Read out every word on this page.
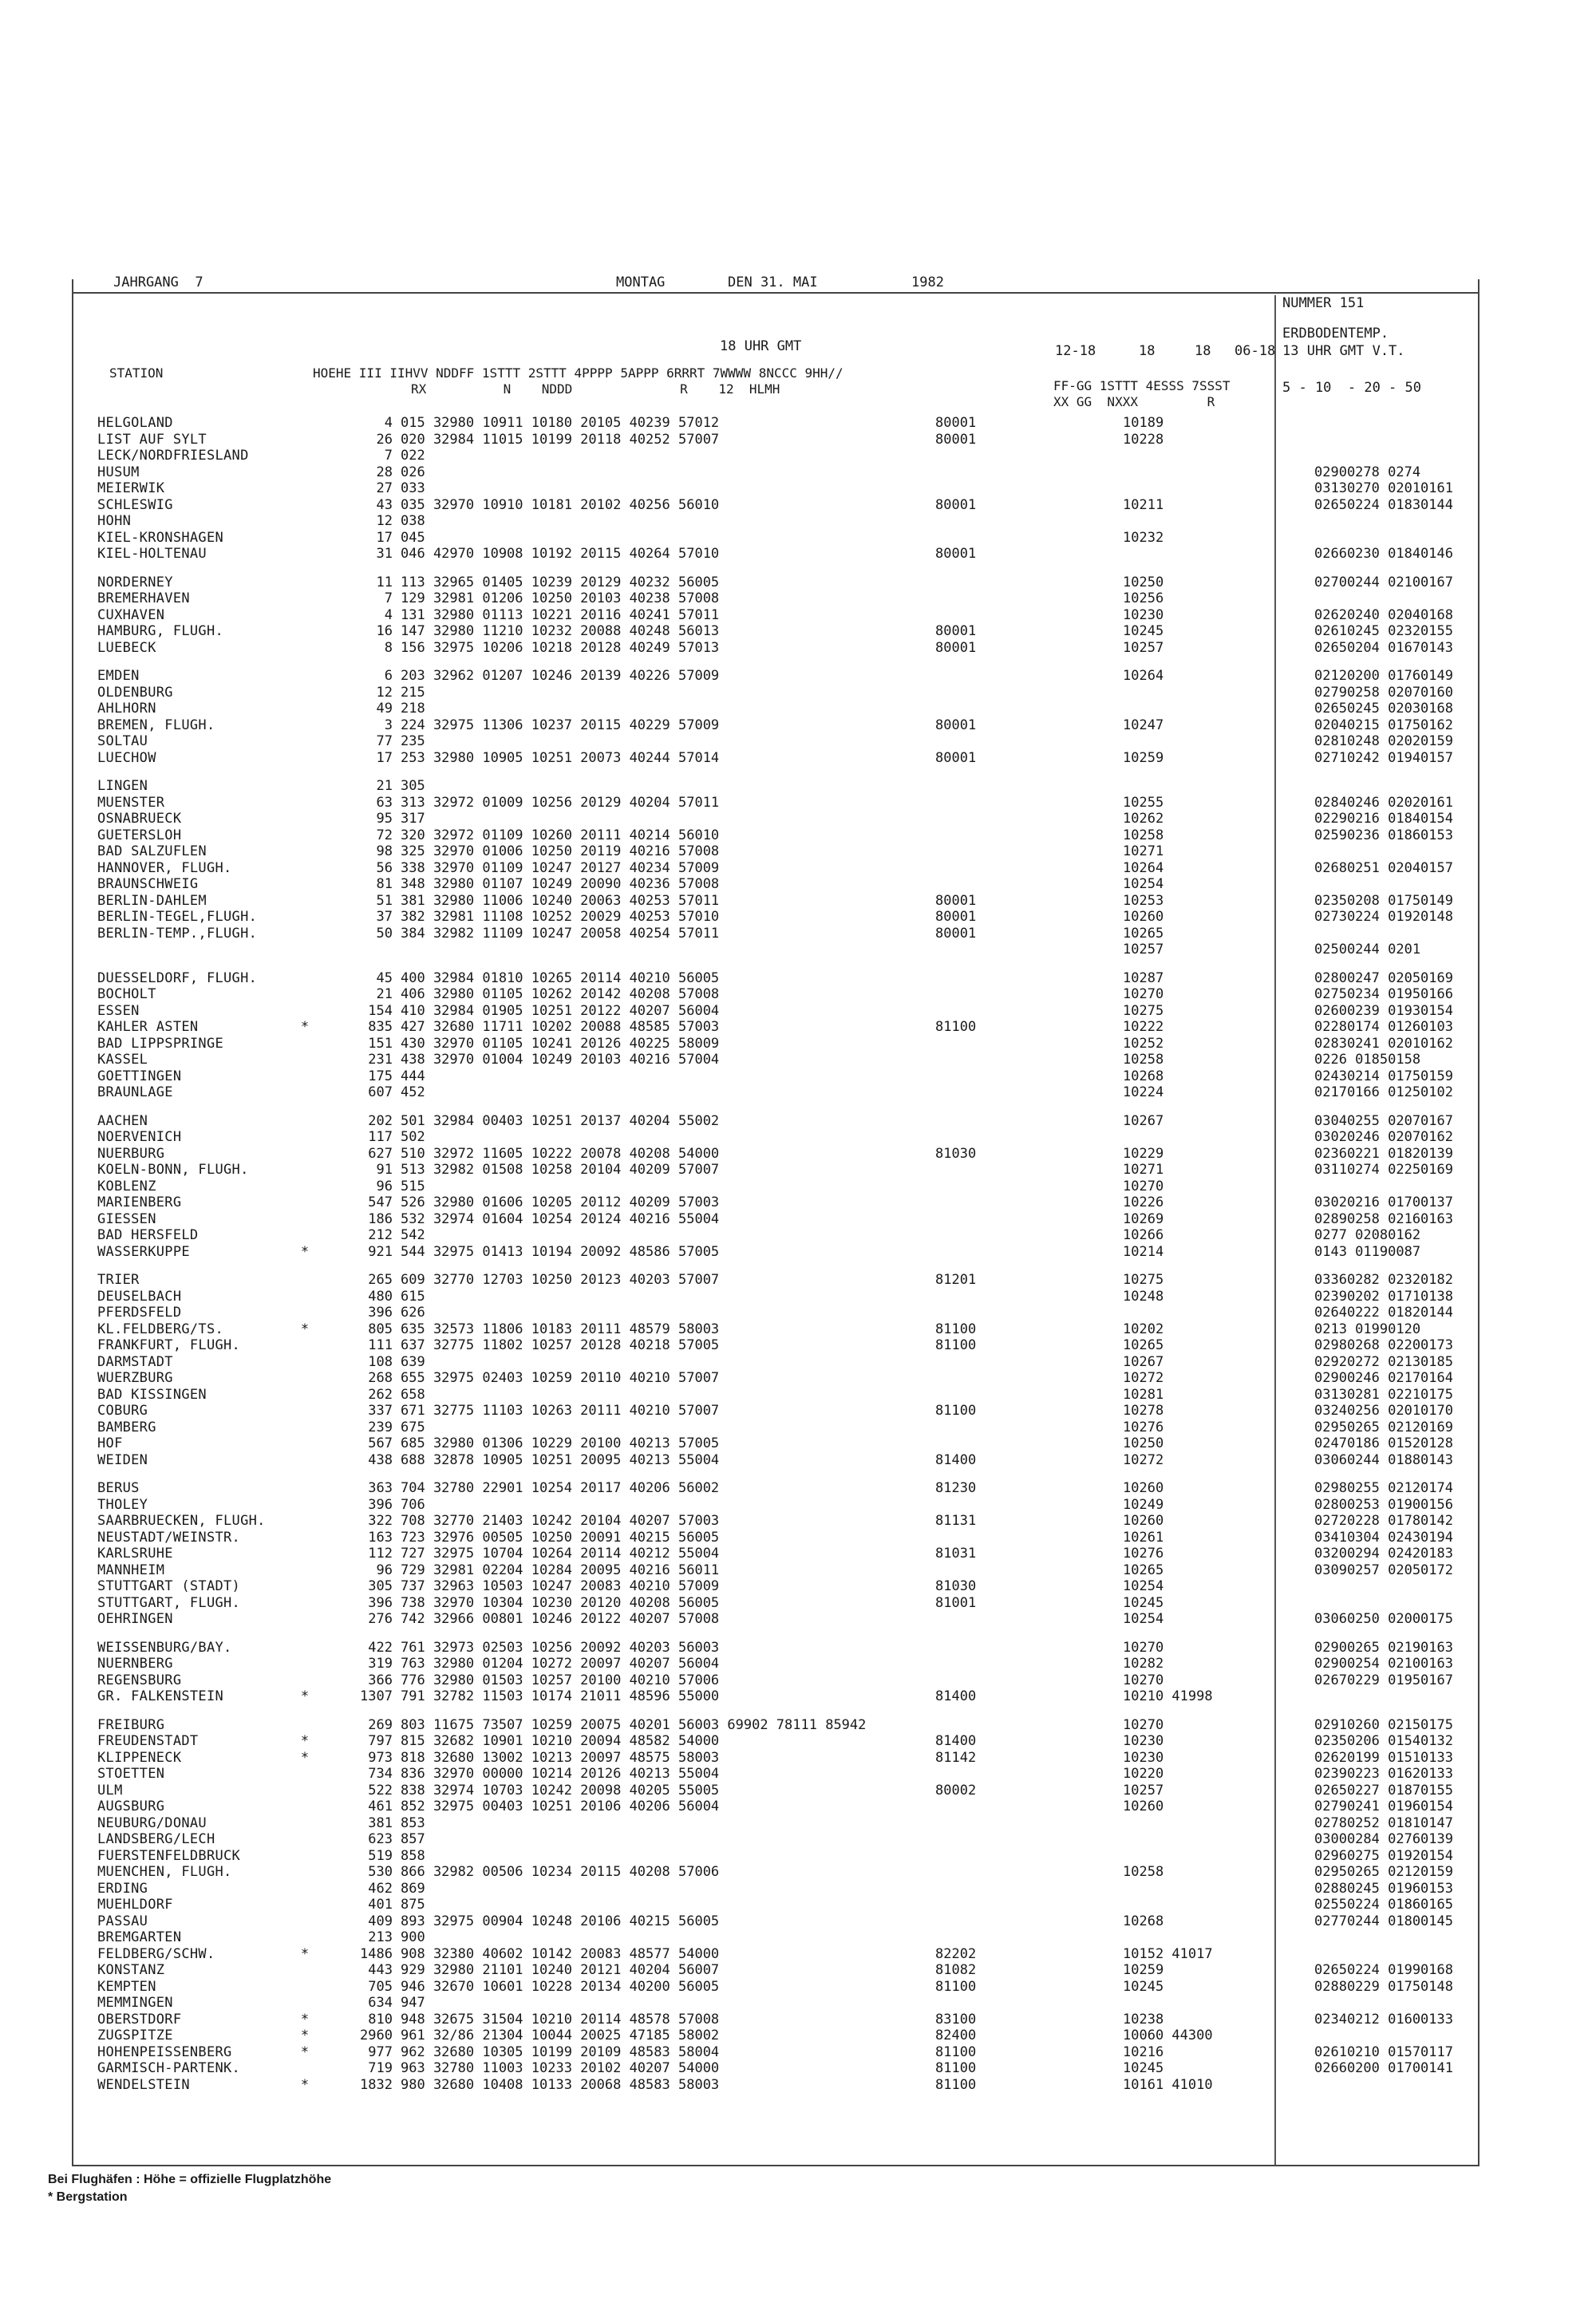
JAHRGANG  7	MONTAG	DEN 31. MAI	1982
NUMMER 151
ERDBODENTEMP.
13 UHR GMT V.T.
5 - 10  - 20 - 50
18 UHR GMT	12-18	18	18 06-18
STATION	HOEHE III IIHVV NDDFF 1STTT 2STTT 4PPPP 5APPP 6RRRT 7WWWW 8NCCC 9HH//
RX          N    NDDD              R    12  HLMH	FF-GG 1STTT 4ESSS 7SSST
XX GG  NXXX         R
HELGOLAND	4 015 32980 10911 10180 20105 40239 57012	80001	10189
LIST AUF SYLT	26 020 32984 11015 10199 20118 40252 57007	80001	10228
LECK/NORDFRIESLAND	7 022
HUSUM	28 026	02900278 0274
MEIERWIK	27 033	03130270 02010161
SCHLESWIG	43 035 32970 10910 10181 20102 40256 56010	80001	10211	02650224 01830144
HOHN	12 038
KIEL-KRONSHAGEN	17 045	10232
KIEL-HOLTENAU	31 046 42970 10908 10192 20115 40264 57010	80001	02660230 01840146
NORDERNEY	11 113 32965 01405 10239 20129 40232 56005	10250	02700244 02100167
BREMERHAVEN	7 129 32981 01206 10250 20103 40238 57008	10256
CUXHAVEN	4 131 32980 01113 10221 20116 40241 57011	10230	02620240 02040168
HAMBURG, FLUGH.	16 147 32980 11210 10232 20088 40248 56013	80001	10245	02610245 02320155
LUEBECK	8 156 32975 10206 10218 20128 40249 57013	80001	10257	02650204 01670143
EMDEN	6 203 32962 01207 10246 20139 40226 57009	10264	02120200 01760149
OLDENBURG	12 215	02790258 02070160
AHLHORN	49 218	02650245 02030168
BREMEN, FLUGH.	3 224 32975 11306 10237 20115 40229 57009	80001	10247	02040215 01750162
SOLTAU	77 235	02810248 02020159
LUECHOW	17 253 32980 10905 10251 20073 40244 57014	80001	10259	02710242 01940157
LINGEN	21 305
MUENSTER	63 313 32972 01009 10256 20129 40204 57011	10255	02840246 02020161
OSNABRUECK	95 317	10262	02290216 01840154
GUETERSLOH	72 320 32972 01109 10260 20111 40214 56010	10258	02590236 01860153
BAD SALZUFLEN	98 325 32970 01006 10250 20119 40216 57008	10271
HANNOVER, FLUGH.	56 338 32970 01109 10247 20127 40234 57009	10264	02680251 02040157
BRAUNSCHWEIG	81 348 32980 01107 10249 20090 40236 57008	10254
BERLIN-DAHLEM	51 381 32980 11006 10240 20063 40253 57011	80001	10253	02350208 01750149
BERLIN-TEGEL,FLUGH.	37 382 32981 11108 10252 20029 40253 57010	80001	10260	02730224 01920148
BERLIN-TEMP.,FLUGH.	50 384 32982 11109 10247 20058 40254 57011	80001	10265
10257	02500244 0201
DUESSELDORF, FLUGH.	45 400 32984 01810 10265 20114 40210 56005	10287	02800247 02050169
BOCHOLT	21 406 32980 01105 10262 20142 40208 57008	10270	02750234 01950166
ESSEN	154 410 32984 01905 10251 20122 40207 56004	10275	02600239 01930154
KAHLER ASTEN	*	835 427 32680 11711 10202 20088 48585 57003	81100	10222	02280174 01260103
BAD LIPPSPRINGE	151 430 32970 01105 10241 20126 40225 58009	10252	02830241 02010162
KASSEL	231 438 32970 01004 10249 20103 40216 57004	10258	0226 01850158
GOETTINGEN	175 444	10268	02430214 01750159
BRAUNLAGE	607 452	10224	02170166 01250102
AACHEN	202 501 32984 00403 10251 20137 40204 55002	10267	03040255 02070167
NOERVENICH	117 502	03020246 02070162
NUERBURG	627 510 32972 11605 10222 20078 40208 54000	81030	10229	02360221 01820139
KOELN-BONN, FLUGH.	91 513 32982 01508 10258 20104 40209 57007	10271	03110274 02250169
KOBLENZ	96 515	10270
MARIENBERG	547 526 32980 01606 10205 20112 40209 57003	10226	03020216 01700137
GIESSEN	186 532 32974 01604 10254 20124 40216 55004	10269	02890258 02160163
BAD HERSFELD	212 542	10266	0277 02080162
WASSERKUPPE	*	921 544 32975 01413 10194 20092 48586 57005	10214	0143 01190087
TRIER	265 609 32770 12703 10250 20123 40203 57007	81201	10275	03360282 02320182
DEUSELBACH	480 615	10248	02390202 01710138
PFERDSFELD	396 626	02640222 01820144
KL.FELDBERG/TS.	*	805 635 32573 11806 10183 20111 48579 58003	81100	10202	0213 01990120
FRANKFURT, FLUGH.	111 637 32775 11802 10257 20128 40218 57005	81100	10265	02980268 02200173
DARMSTADT	108 639	10267	02920272 02130185
WUERZBURG	268 655 32975 02403 10259 20110 40210 57007	10272	02900246 02170164
BAD KISSINGEN	262 658	10281	03130281 02210175
COBURG	337 671 32775 11103 10263 20111 40210 57007	81100	10278	03240256 02010170
BAMBERG	239 675	10276	02950265 02120169
HOF	567 685 32980 01306 10229 20100 40213 57005	10250	02470186 01520128
WEIDEN	438 688 32878 10905 10251 20095 40213 55004	81400	10272	03060244 01880143
BERUS	363 704 32780 22901 10254 20117 40206 56002	81230	10260	02980255 02120174
THOLEY	396 706	10249	02800253 01900156
SAARBRUECKEN, FLUGH.	322 708 32770 21403 10242 20104 40207 57003	81131	10260	02720228 01780142
NEUSTADT/WEINSTR.	163 723 32976 00505 10250 20091 40215 56005	10261	03410304 02430194
KARLSRUHE	112 727 32975 10704 10264 20114 40212 55004	81031	10276	03200294 02420183
MANNHEIM	96 729 32981 02204 10284 20095 40216 56011	10265	03090257 02050172
STUTTGART (STADT)	305 737 32963 10503 10247 20083 40210 57009	81030	10254
STUTTGART, FLUGH.	396 738 32970 10304 10230 20120 40208 56005	81001	10245
OEHRINGEN	276 742 32966 00801 10246 20122 40207 57008	10254	03060250 02000175
WEISSENBURG/BAY.	422 761 32973 02503 10256 20092 40203 56003	10270	02900265 02190163
NUERNBERG	319 763 32980 01204 10272 20097 40207 56004	10282	02900254 02100163
REGENSBURG	366 776 32980 01503 10257 20100 40210 57006	10270	02670229 01950167
GR. FALKENSTEIN	*	1307 791 32782 11503 10174 21011 48596 55000	81400	10210 41998
FREIBURG	269 803 11675 73507 10259 20075 40201 56003 69902 78111 85942	10270	02910260 02150175
FREUDENSTADT	*	797 815 32682 10901 10210 20094 48582 54000	81400	10230	02350206 01540132
KLIPPENECK	*	973 818 32680 13002 10213 20097 48575 58003	81142	10230	02620199 01510133
STOETTEN	734 836 32970 00000 10214 20126 40213 55004	10220	02390223 01620133
ULM	522 838 32974 10703 10242 20098 40205 55005	80002	10257	02650227 01870155
AUGSBURG	461 852 32975 00403 10251 20106 40206 56004	10260	02790241 01960154
NEUBURG/DONAU	381 853	02780252 01810147
LANDSBERG/LECH	623 857	03000284 02760139
FUERSTENFELDBRUCK	519 858	02960275 01920154
MUENCHEN, FLUGH.	530 866 32982 00506 10234 20115 40208 57006	10258	02950265 02120159
ERDING	462 869	02880245 01960153
MUEHLDORF	401 875	02550224 01860165
PASSAU	409 893 32975 00904 10248 20106 40215 56005	10268	02770244 01800145
BREMGARTEN	213 900
FELDBERG/SCHW.	*	1486 908 32380 40602 10142 20083 48577 54000	82202	10152 41017
KONSTANZ	443 929 32980 21101 10240 20121 40204 56007	81082	10259	02650224 01990168
KEMPTEN	705 946 32670 10601 10228 20134 40200 56005	81100	10245	02880229 01750148
MEMMINGEN	634 947
OBERSTDORF	*	810 948 32675 31504 10210 20114 48578 57008	83100	10238	02340212 01600133
ZUGSPITZE	*	2960 961 32/86 21304 10044 20025 47185 58002	82400	10060 44300
HOHENPEISSENBERG	*	977 962 32680 10305 10199 20109 48583 58004	81100	10216	02610210 01570117
GARMISCH-PARTENK.	719 963 32780 11003 10233 20102 40207 54000	81100	10245	02660200 01700141
WENDELSTEIN	*	1832 980 32680 10408 10133 20068 48583 58003	81100	10161 41010
Bei Flughäfen : Höhe = offizielle Flugplatzhöhe
* Bergstation
